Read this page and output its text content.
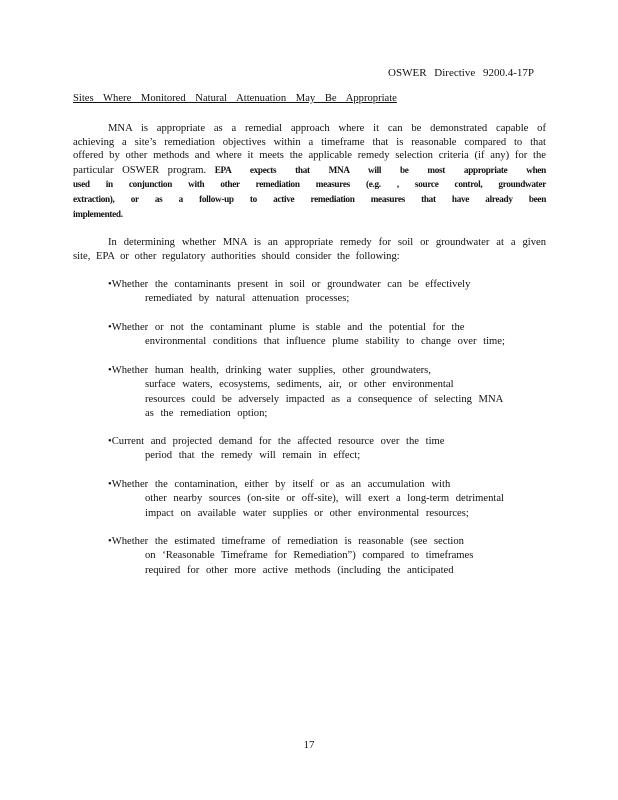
OSWER Directive 9200.4-17P
Sites Where Monitored Natural Attenuation May Be Appropriate
MNA is appropriate as a remedial approach where it can be demonstrated capable of achieving a site’s remediation objectives within a timeframe that is reasonable compared to that offered by other methods and where it meets the applicable remedy selection criteria (if any) for the particular OSWER program. EPA expects that MNA will be most appropriate when used in conjunction with other remediation measures (e.g. , source control, groundwater extraction), or as a follow-up to active remediation measures that have already been implemented.
In determining whether MNA is an appropriate remedy for soil or groundwater at a given site, EPA or other regulatory authorities should consider the following:
•Whether the contaminants present in soil or groundwater can be effectively
remediated by natural attenuation processes;
•Whether or not the contaminant plume is stable and the potential for the
environmental conditions that influence plume stability to change over time;
•Whether human health, drinking water supplies, other groundwaters,
surface waters, ecosystems, sediments, air, or other environmental
resources could be adversely impacted as a consequence of selecting MNA
as the remediation option;
•Current and projected demand for the affected resource over the time
period that the remedy will remain in effect;
•Whether the contamination, either by itself or as an accumulation with
other nearby sources (on-site or off-site), will exert a long-term detrimental
impact on available water supplies or other environmental resources;
•Whether the estimated timeframe of remediation is reasonable (see section
on ‘Reasonable Timeframe for Remediation”) compared to timeframes
required for other more active methods (including the anticipated
17
